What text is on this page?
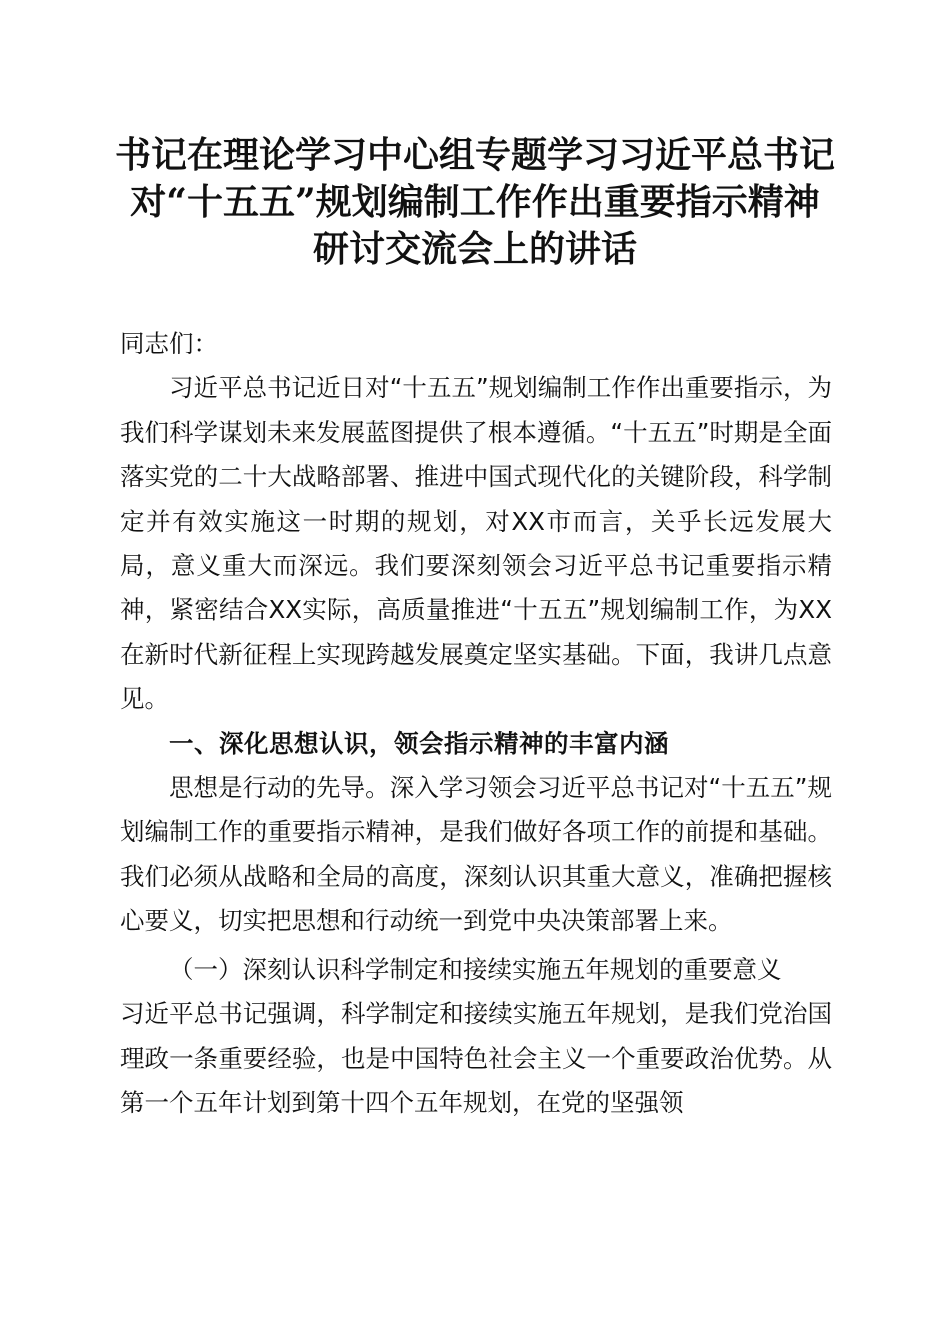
书记在理论学习中心组专题学习习近平总书记
对“十五五”规划编制工作作出重要指示精神
研讨交流会上的讲话

同志们：

习近平总书记近日对“十五五”规划编制工作作出重要指示，为我们科学谋划未来发展蓝图提供了根本遵循。“十五五”时期是全面落实党的二十大战略部署、推进中国式现代化的关键阶段，科学制定并有效实施这一时期的规划，对XX市而言，关乎长远发展大局，意义重大而深远。我们要深刻领会习近平总书记重要指示精神，紧密结合XX实际，高质量推进“十五五”规划编制工作，为XX在新时代新征程上实现跨越发展奠定坚实基础。下面，我讲几点意见。

一、深化思想认识，领会指示精神的丰富内涵

思想是行动的先导。深入学习领会习近平总书记对“十五五”规划编制工作的重要指示精神，是我们做好各项工作的前提和基础。我们必须从战略和全局的高度，深刻认识其重大意义，准确把握核心要义，切实把思想和行动统一到党中央决策部署上来。

（一）深刻认识科学制定和接续实施五年规划的重要意义

习近平总书记强调，科学制定和接续实施五年规划，是我们党治国理政一条重要经验，也是中国特色社会主义一个重要政治优势。从第一个五年计划到第十四个五年规划，在党的坚强领
